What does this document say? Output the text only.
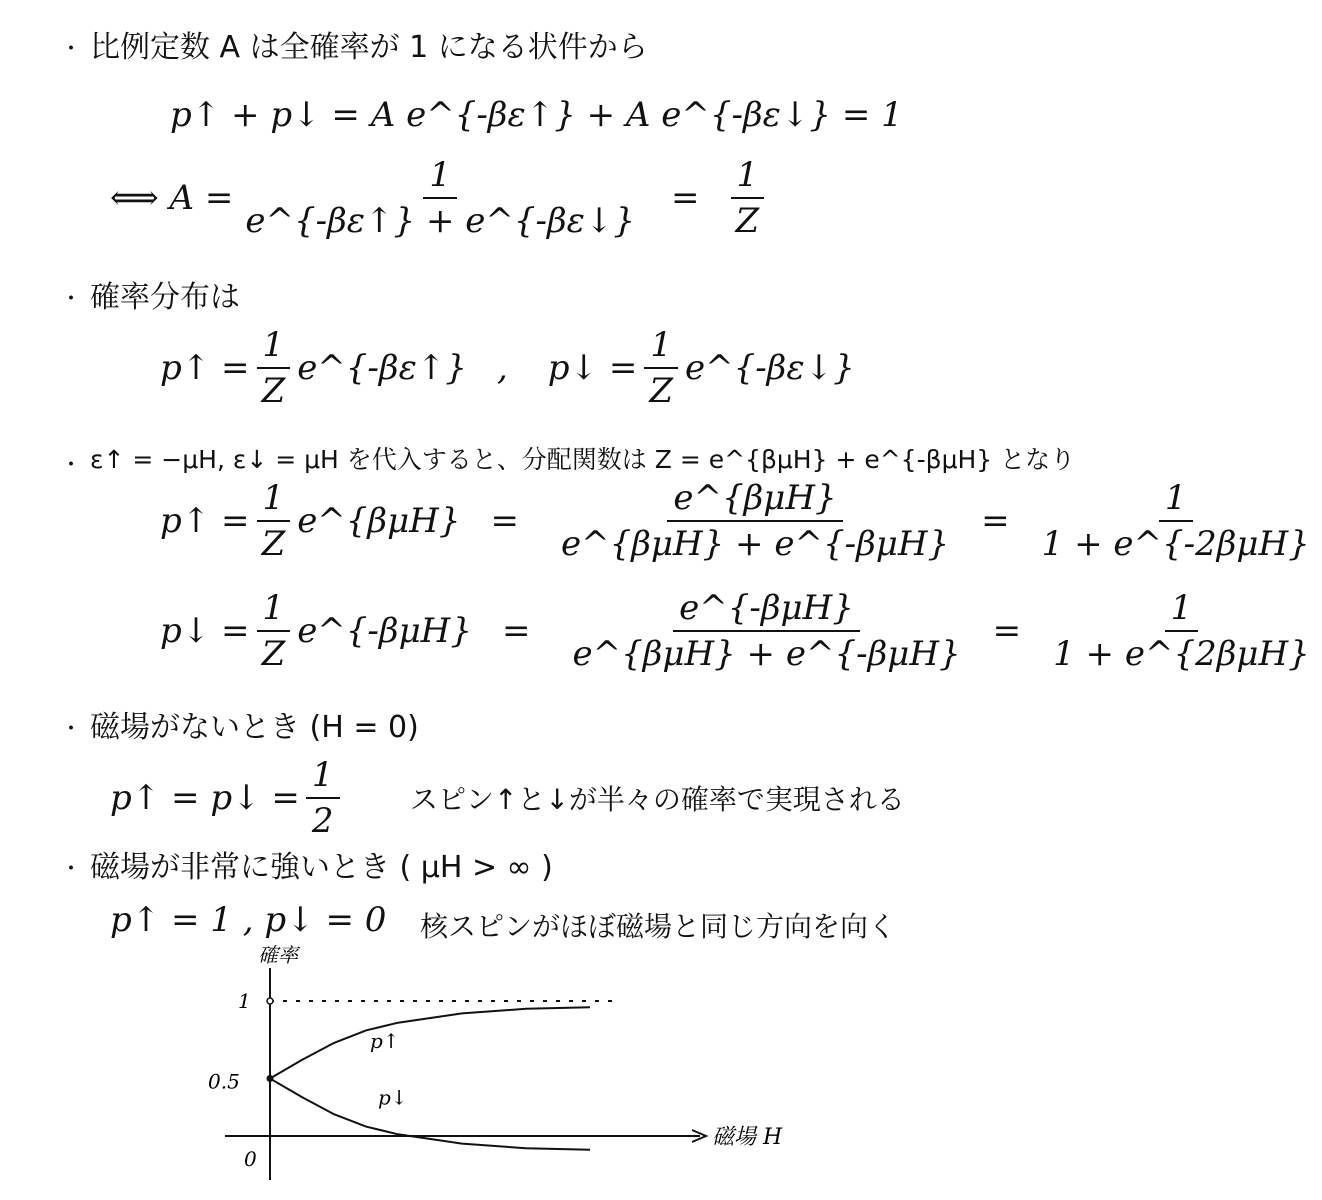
・ 比例定数 A は全確率が 1 になる状件から
p↑ + p↓ = A e^{-βε↑} + A e^{-βε↓} = 1
⟺ $A = \frac{1}{e\^{}\{-\beta\varepsilon↑\} + e\^{}\{-\beta\varepsilon↓\}} = \frac{1}{Z}$
・ 確率分布は
p↑ = $\frac{1}{Z}$ e^{-βε↑} , p↓ = $\frac{1}{Z}$ e^{-βε↓}
・ ε↑ = −μH, ε↓ = μH を代入すると、分配関数は Z = e^{βμH} + e^{-βμH} となり
p↑ = $\frac{1}{Z}$ e^{βμH} = $\frac{\text{e\textasciicircum{}\{βμH\}}}{\text{e\textasciicircum{}\{βμH\} + e\textasciicircum{}\{-βμH\}}} = \frac{1}{\text{1 + e\textasciicircum{}\{-2βμH\}}}$
p↓ = $\frac{1}{Z}$ e^{-βμH} = $\frac{\text{e\textasciicircum{}\{-βμH\}}}{\text{e\textasciicircum{}\{βμH\} + e\textasciicircum{}\{-βμH\}}} = \frac{1}{\text{1 + e\textasciicircum{}\{2βμH\}}}$
・ 磁場がないとき (H = 0)
p↑ = p↓ = $\frac{1}{2}$	スピン↑と↓が半々の確率で実現される
・ 磁場が非常に強いとき ( μH > ∞ )
p↑ = 1 , p↓ = 0 核スピンがほぼ磁場と同じ方向を向く
確率
磁場 H
1
0.5
0
p↑
p↓
